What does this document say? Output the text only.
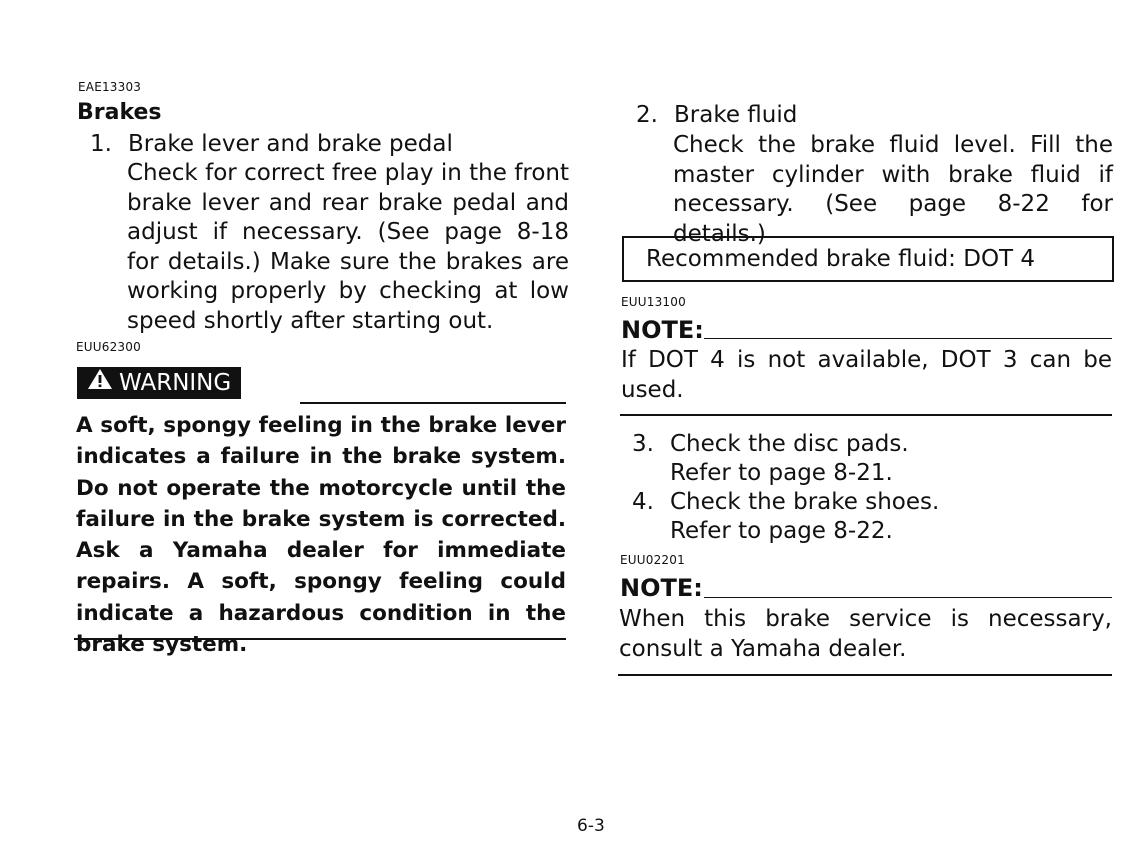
EAE13303
Brakes
1. Brake lever and brake pedal
Check for correct free play in the front brake lever and rear brake pedal and adjust if necessary. (See page 8-18 for details.) Make sure the brakes are working properly by checking at low speed shortly after starting out.
EUU62300
WARNING
A soft, spongy feeling in the brake lever indicates a failure in the brake system. Do not operate the motorcycle until the failure in the brake system is corrected. Ask a Yamaha dealer for immediate repairs. A soft, spongy feeling could indicate a hazardous condition in the brake system.
2. Brake fluid
Check the brake fluid level. Fill the master cylinder with brake fluid if necessary. (See page 8-22 for details.)
Recommended brake fluid: DOT 4
EUU13100
NOTE:
If DOT 4 is not available, DOT 3 can be used.
3. Check the disc pads.
Refer to page 8-21.
4. Check the brake shoes.
Refer to page 8-22.
EUU02201
NOTE:
When this brake service is necessary, consult a Yamaha dealer.
6-3
